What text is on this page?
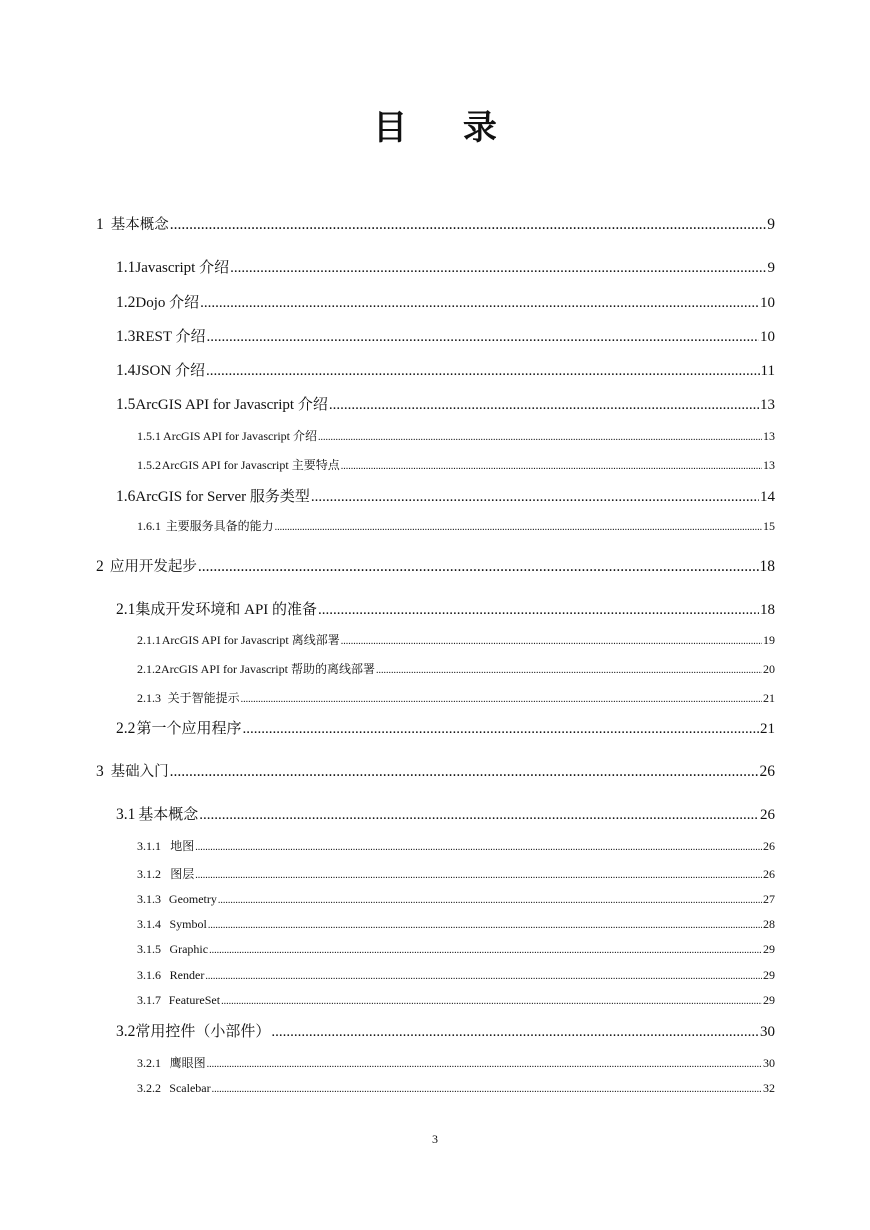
目 录
1 基本概念 .....	9
1.1 Javascript 介绍 .....	9
1.2 Dojo 介绍 .....	10
1.3 REST 介绍 .....	10
1.4 JSON 介绍 .....	11
1.5 ArcGIS API for Javascript 介绍 .....	13
1.5.1 ArcGIS API for Javascript 介绍 .....	13
1.5.2 ArcGIS API for Javascript 主要特点 .....	13
1.6 ArcGIS for Server 服务类型 .....	14
1.6.1 主要服务具备的能力 .....	15
2 应用开发起步 .....	18
2.1 集成开发环境和 API 的准备 .....	18
2.1.1 ArcGIS API for Javascript 离线部署 .....	19
2.1.2 ArcGIS API for Javascript 帮助的离线部署 .....	20
2.1.3 关于智能提示 .....	21
2.2 第一个应用程序 .....	21
3 基础入门 .....	26
3.1 基本概念 .....	26
3.1.1 地图 .....	26
3.1.2 图层 .....	26
3.1.3 Geometry .....	27
3.1.4 Symbol .....	28
3.1.5 Graphic .....	29
3.1.6 Render .....	29
3.1.7 FeatureSet .....	29
3.2 常用控件（小部件） .....	30
3.2.1 鹰眼图 .....	30
3.2.2 Scalebar .....	32

3
